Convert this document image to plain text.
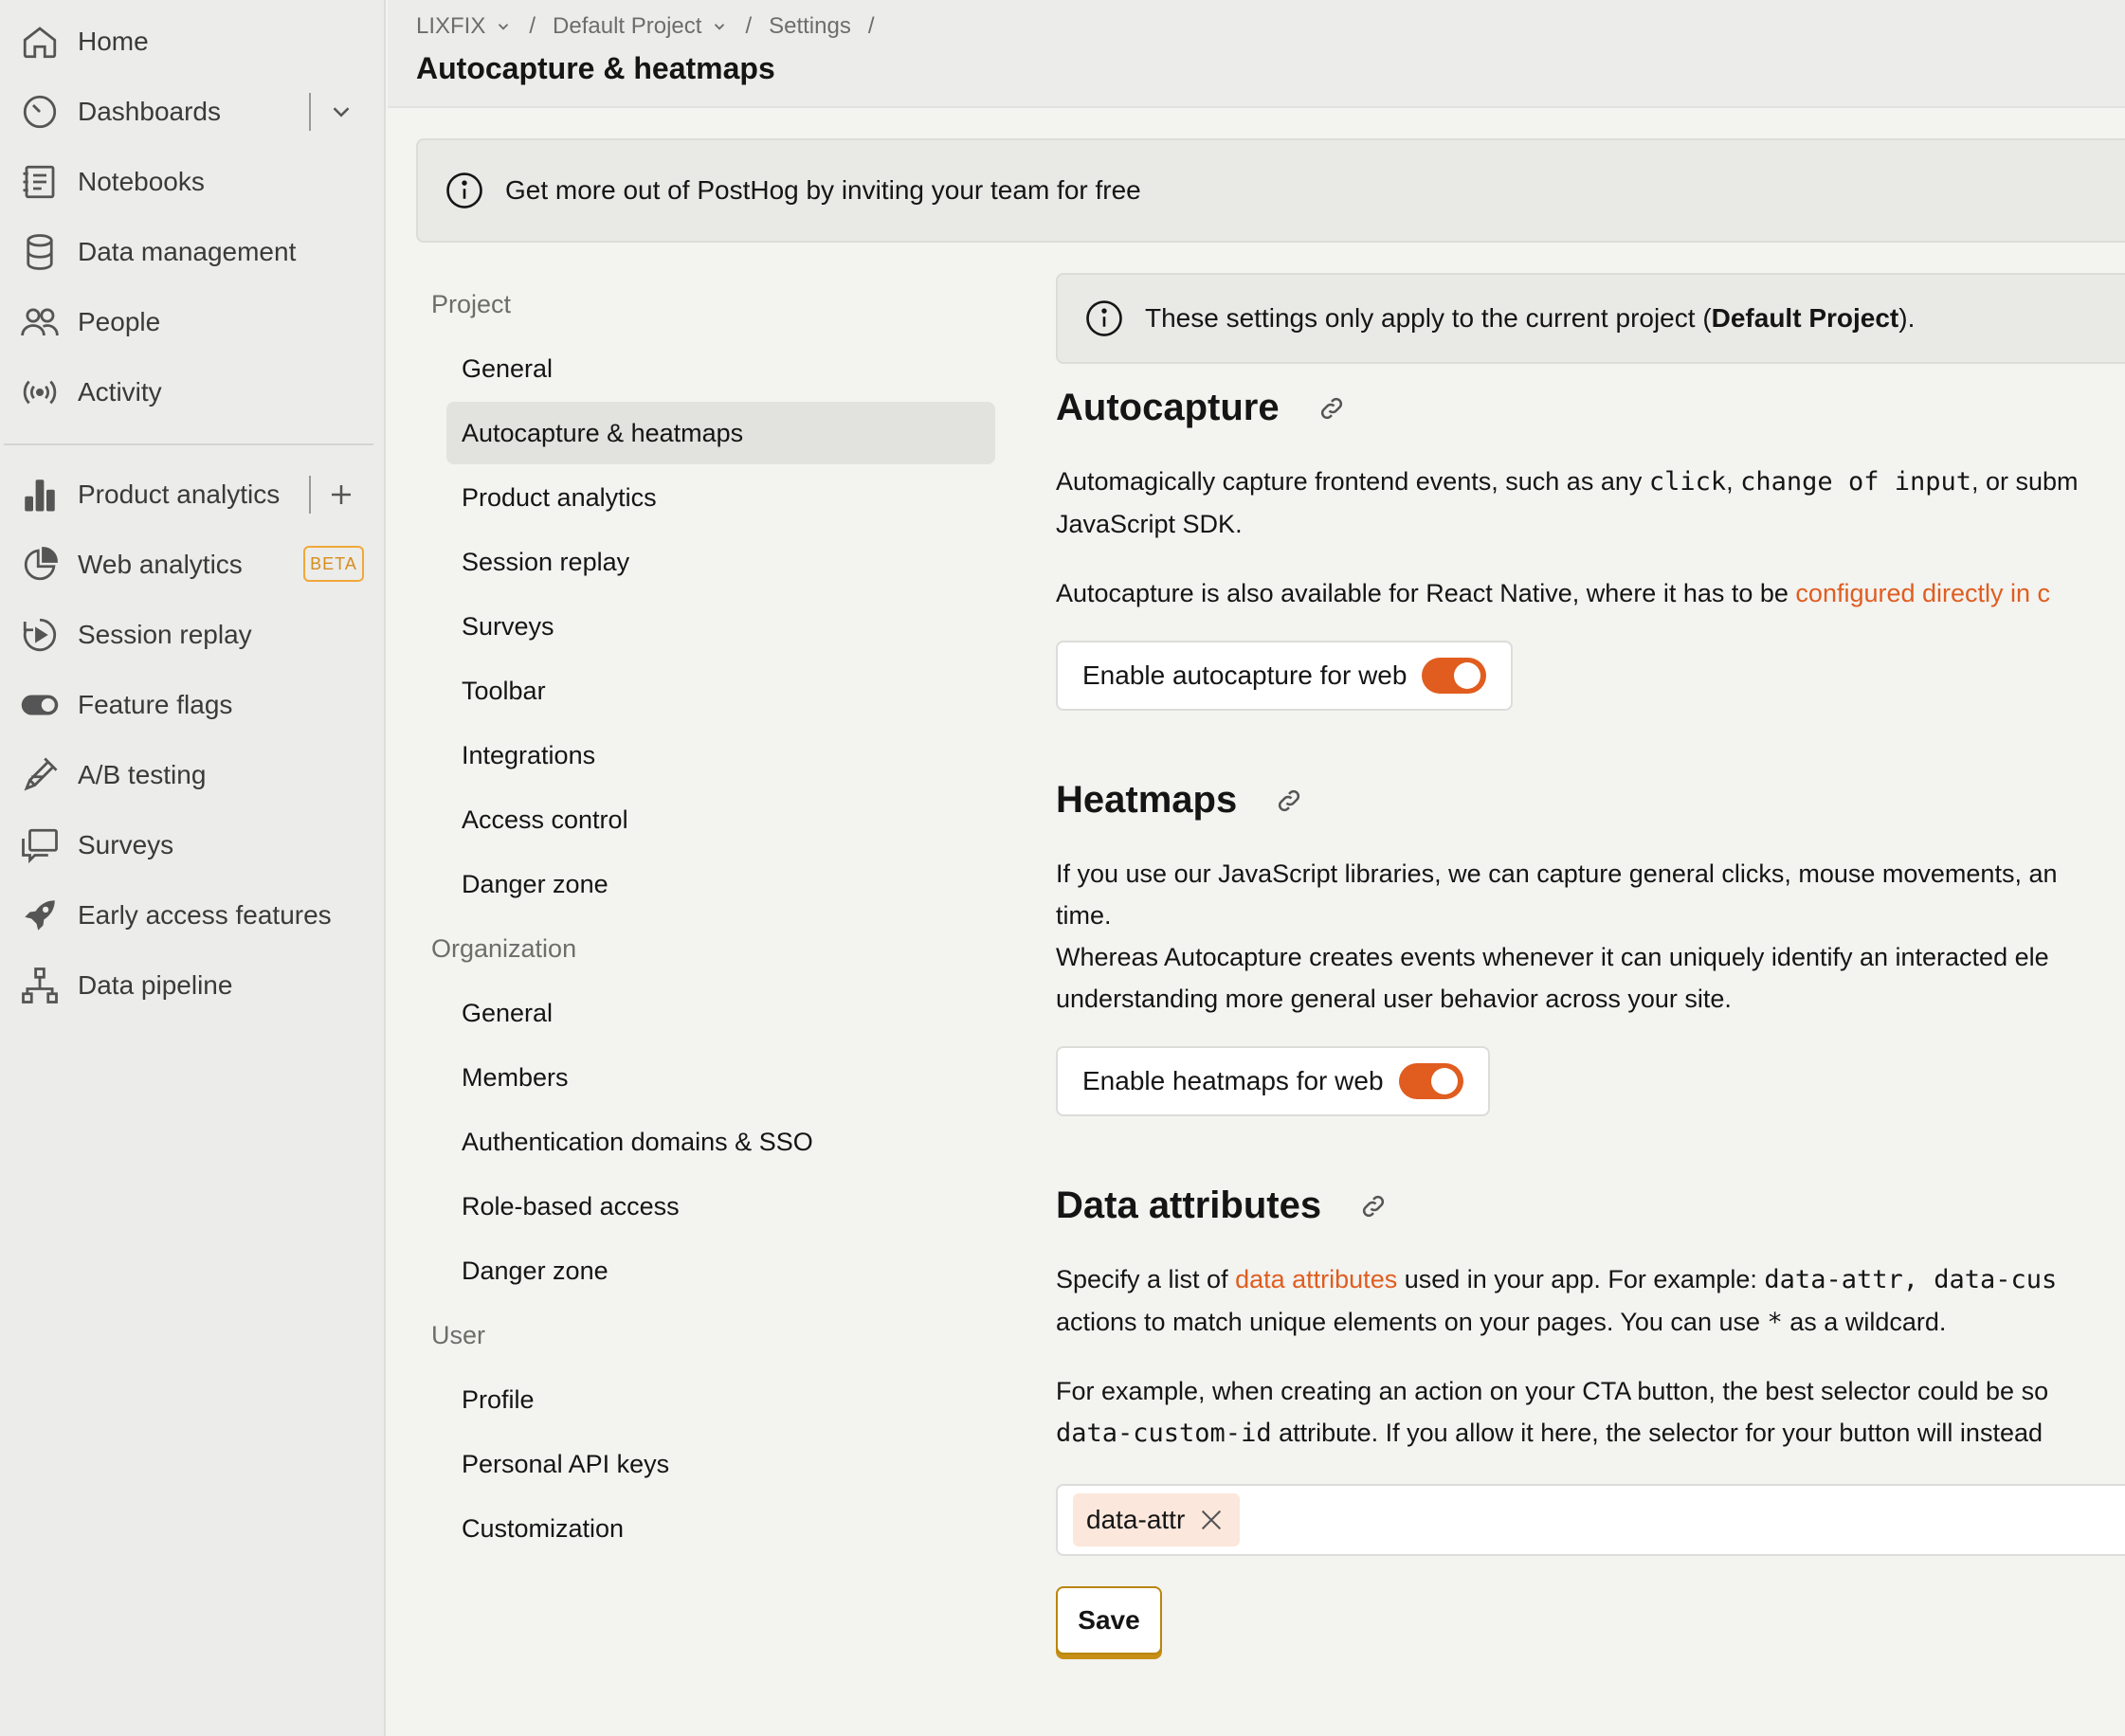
Home
Dashboards
Notebooks
Data management
People
Activity
Product analytics
Web analytics	BETA
Session replay
Feature flags
A/B testing
Surveys
Early access features
Data pipeline
LIXFIX / Default Project / Settings /
Autocapture & heatmaps
Get more out of PostHog by inviting your team for free
Project
General
Autocapture & heatmaps
Product analytics
Session replay
Surveys
Toolbar
Integrations
Access control
Danger zone
Organization
General
Members
Authentication domains & SSO
Role-based access
Danger zone
User
Profile
Personal API keys
Customization
These settings only apply to the current project (Default Project).
Autocapture
Automagically capture frontend events, such as any click, change of input, or subm
JavaScript SDK.
Autocapture is also available for React Native, where it has to be configured directly in c
Enable autocapture for web
Heatmaps
If you use our JavaScript libraries, we can capture general clicks, mouse movements, an
time.
Whereas Autocapture creates events whenever it can uniquely identify an interacted ele
understanding more general user behavior across your site.
Enable heatmaps for web
Data attributes
Specify a list of data attributes used in your app. For example: data-attr, data-cus
actions to match unique elements on your pages. You can use * as a wildcard.
For example, when creating an action on your CTA button, the best selector could be so
data-custom-id attribute. If you allow it here, the selector for your button will instead
data-attr
Save
